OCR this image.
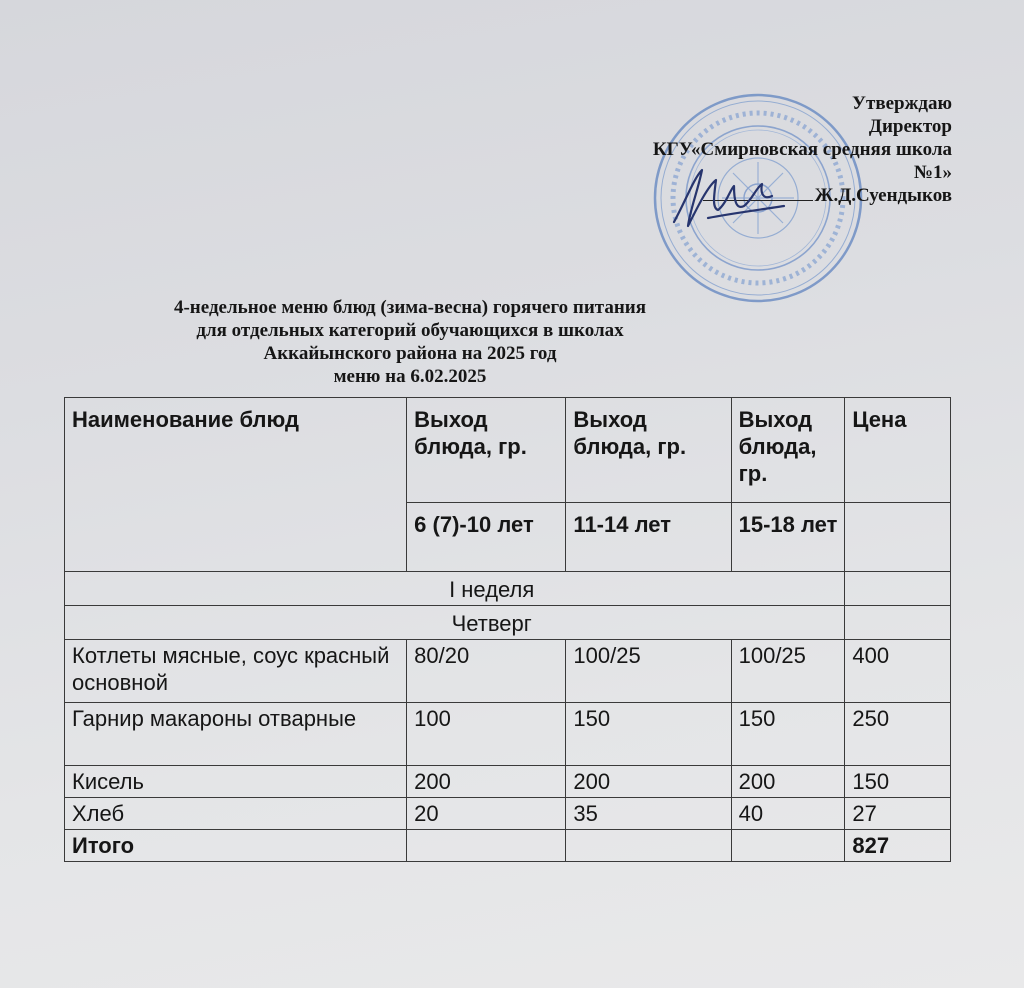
Утверждаю
Директор
КГУ«Смирновская средняя школа
№1»
Ж.Д.Суендыков
4-недельное меню блюд (зима-весна) горячего питания
для отдельных категорий обучающихся в школах
Аккайынского района на 2025 год
меню на 6.02.2025
Наименование блюд	Выход блюда, гр.	Выход блюда, гр.	Выход блюда, гр.	Цена
	6 (7)-10 лет	11-14 лет	15-18 лет	
I неделя				
Четверг				
Котлеты мясные, соус красный основной	80/20	100/25	100/25	400
Гарнир макароны отварные	100	150	150	250
Кисель	200	200	200	150
Хлеб	20	35	40	27
Итого				827
